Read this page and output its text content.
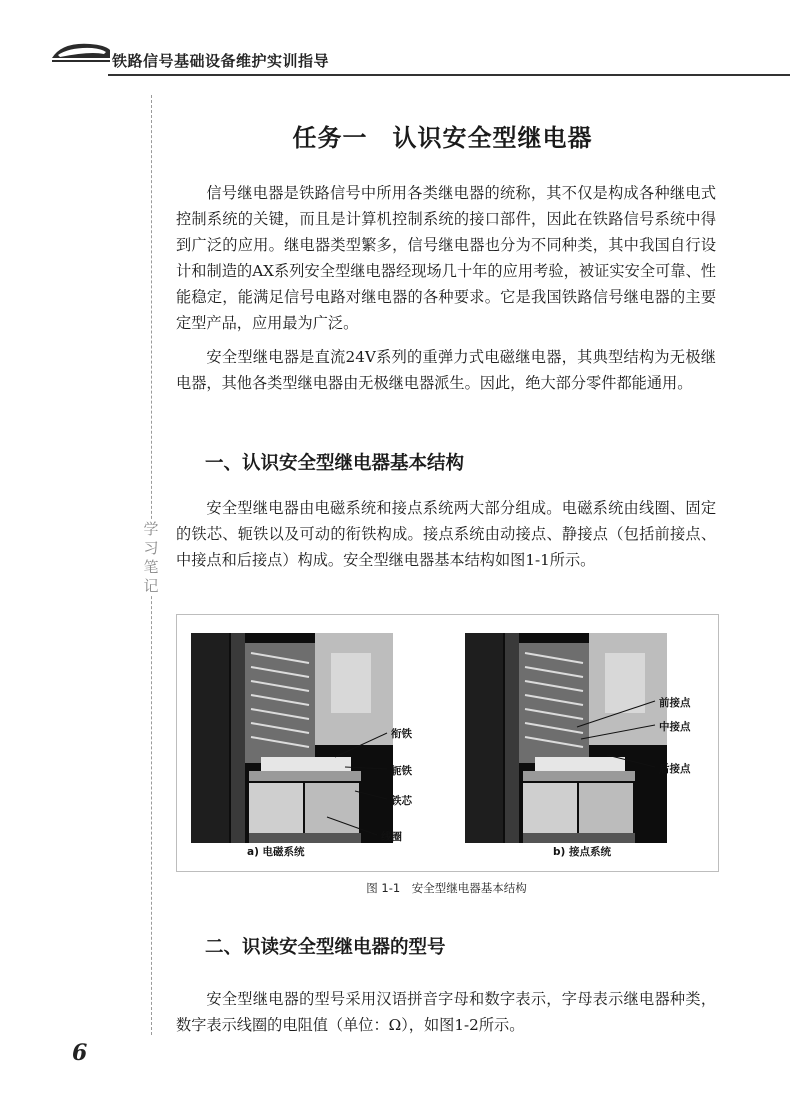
铁路信号基础设备维护实训指导
学习笔记
任务一　认识安全型继电器

信号继电器是铁路信号中所用各类继电器的统称，其不仅是构成各种继电式控制系统的关键，而且是计算机控制系统的接口部件，因此在铁路信号系统中得到广泛的应用。继电器类型繁多，信号继电器也分为不同种类，其中我国自行设计和制造的AX系列安全型继电器经现场几十年的应用考验，被证实安全可靠、性能稳定，能满足信号电路对继电器的各种要求。它是我国铁路信号继电器的主要定型产品，应用最为广泛。

安全型继电器是直流24V系列的重弹力式电磁继电器，其典型结构为无极继电器，其他各类型继电器由无极继电器派生。因此，绝大部分零件都能通用。

一、认识安全型继电器基本结构

安全型继电器由电磁系统和接点系统两大部分组成。电磁系统由线圈、固定的铁芯、轭铁以及可动的衔铁构成。接点系统由动接点、静接点（包括前接点、中接点和后接点）构成。安全型继电器基本结构如图1-1所示。

衔铁
轭铁
铁芯
线圈
a) 电磁系统
前接点
中接点
后接点
b) 接点系统
图 1-1　安全型继电器基本结构
二、识读安全型继电器的型号

安全型继电器的型号采用汉语拼音字母和数字表示，字母表示继电器种类，数字表示线圈的电阻值（单位：Ω），如图1-2所示。

6
